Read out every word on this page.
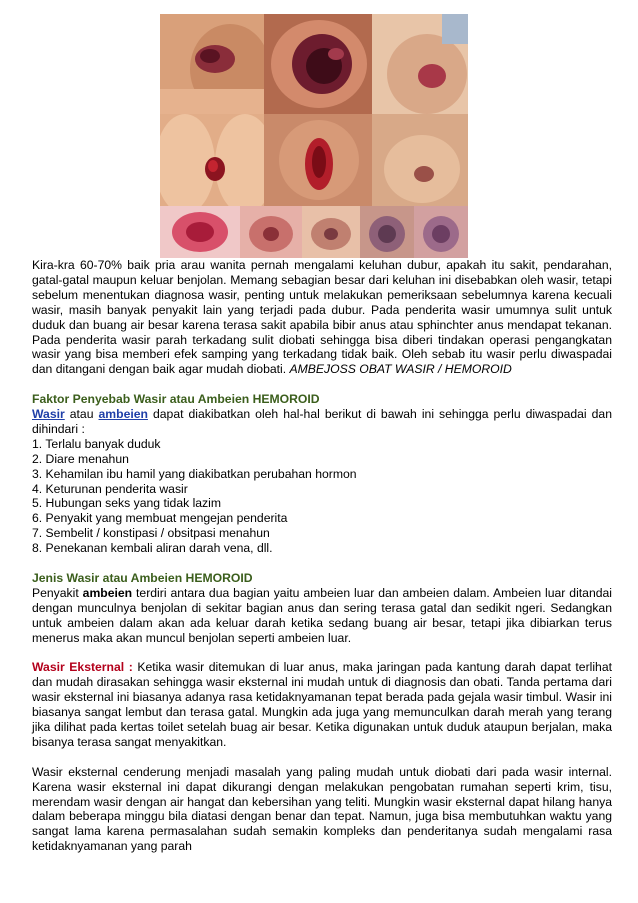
Kira-kra 60-70% baik pria arau wanita pernah mengalami keluhan dubur, apakah itu sakit, pendarahan, gatal-gatal maupun keluar benjolan. Memang sebagian besar dari keluhan ini disebabkan oleh wasir, tetapi sebelum menentukan diagnosa wasir, penting untuk melakukan pemeriksaan sebelumnya karena kecuali wasir, masih banyak penyakit lain yang terjadi pada dubur. Pada penderita wasir umumnya sulit untuk duduk dan buang air besar karena terasa sakit apabila bibir anus atau sphinchter anus mendapat tekanan. Pada penderita wasir parah terkadang sulit diobati sehingga bisa diberi tindakan operasi pengangkatan wasir yang bisa memberi efek samping yang terkadang tidak baik. Oleh sebab itu wasir perlu diwaspadai dan ditangani dengan baik agar mudah diobati. AMBEJOSS OBAT WASIR / HEMOROID

Faktor Penyebab Wasir atau Ambeien HEMOROID

Wasir atau ambeien dapat diakibatkan oleh hal-hal berikut di bawah ini sehingga perlu diwaspadai dan dihindari :

1. Terlalu banyak duduk
2. Diare menahun
3. Kehamilan ibu hamil yang diakibatkan perubahan hormon
4. Keturunan penderita wasir
5. Hubungan seks yang tidak lazim
6. Penyakit yang membuat mengejan penderita
7. Sembelit / konstipasi / obsitpasi menahun
8. Penekanan kembali aliran darah vena, dll.

Jenis Wasir atau Ambeien HEMOROID

Penyakit ambeien terdiri antara dua bagian yaitu ambeien luar dan ambeien dalam. Ambeien luar ditandai dengan munculnya benjolan di sekitar bagian anus dan sering terasa gatal dan sedikit ngeri. Sedangkan untuk ambeien dalam akan ada keluar darah ketika sedang buang air besar, tetapi jika dibiarkan terus menerus maka akan muncul benjolan seperti ambeien luar.

Wasir Eksternal : Ketika wasir ditemukan di luar anus, maka jaringan pada kantung darah dapat terlihat dan mudah dirasakan sehingga wasir eksternal ini mudah untuk di diagnosis dan obati. Tanda pertama dari wasir eksternal ini biasanya adanya rasa ketidaknyamanan tepat berada pada gejala wasir timbul. Wasir ini biasanya sangat lembut dan terasa gatal. Mungkin ada juga yang memunculkan darah merah yang terang jika dilihat pada kertas toilet setelah buag air besar. Ketika digunakan untuk duduk ataupun berjalan, maka bisanya terasa sangat menyakitkan.

Wasir eksternal cenderung menjadi masalah yang paling mudah untuk diobati dari pada wasir internal. Karena wasir eksternal ini dapat dikurangi dengan melakukan pengobatan rumahan seperti krim, tisu, merendam wasir dengan air hangat dan kebersihan yang teliti. Mungkin wasir eksternal dapat hilang hanya dalam beberapa minggu bila diatasi dengan benar dan tepat. Namun, juga bisa membutuhkan waktu yang sangat lama karena permasalahan sudah semakin kompleks dan penderitanya sudah mengalami rasa ketidaknyamanan yang parah
